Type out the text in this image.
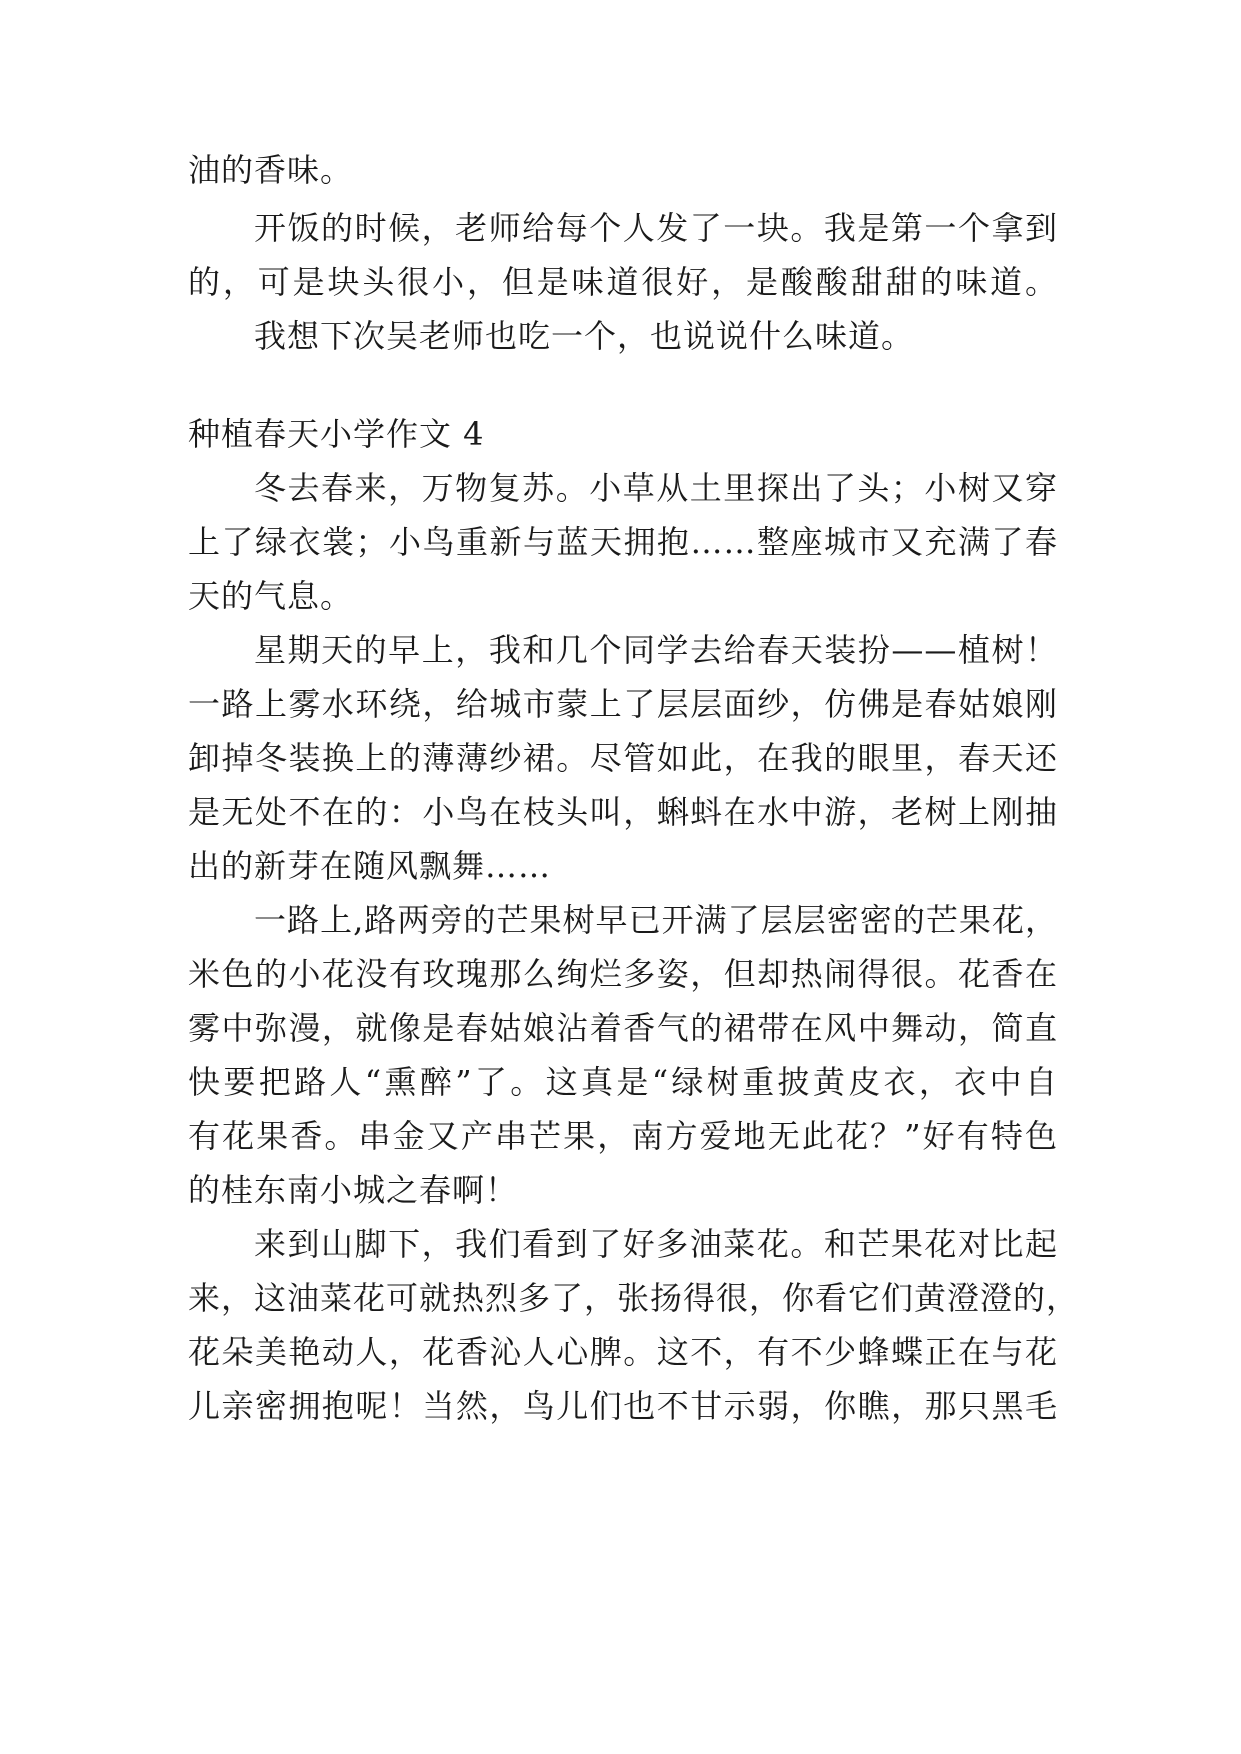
油的香味。
开饭的时候，老师给每个人发了一块。我是第一个拿到
的，可是块头很小，但是味道很好，是酸酸甜甜的味道。
我想下次吴老师也吃一个，也说说什么味道。
种植春天小学作文 4
冬去春来，万物复苏。小草从土里探出了头；小树又穿
上了绿衣裳；小鸟重新与蓝天拥抱……整座城市又充满了春
天的气息。
星期天的早上，我和几个同学去给春天装扮——植树！
一路上雾水环绕，给城市蒙上了层层面纱，仿佛是春姑娘刚
卸掉冬装换上的薄薄纱裙。尽管如此，在我的眼里，春天还
是无处不在的：小鸟在枝头叫，蝌蚪在水中游，老树上刚抽
出的新芽在随风飘舞……
一路上,路两旁的芒果树早已开满了层层密密的芒果花，
米色的小花没有玫瑰那么绚烂多姿，但却热闹得很。花香在
雾中弥漫，就像是春姑娘沾着香气的裙带在风中舞动，简直
快要把路人“熏醉”了。这真是“绿树重披黄皮衣，衣中自
有花果香。串金又产串芒果，南方爱地无此花？”好有特色
的桂东南小城之春啊！
来到山脚下，我们看到了好多油菜花。和芒果花对比起
来，这油菜花可就热烈多了，张扬得很，你看它们黄澄澄的，
花朵美艳动人，花香沁人心脾。这不，有不少蜂蝶正在与花
儿亲密拥抱呢！当然，鸟儿们也不甘示弱，你瞧，那只黑毛
